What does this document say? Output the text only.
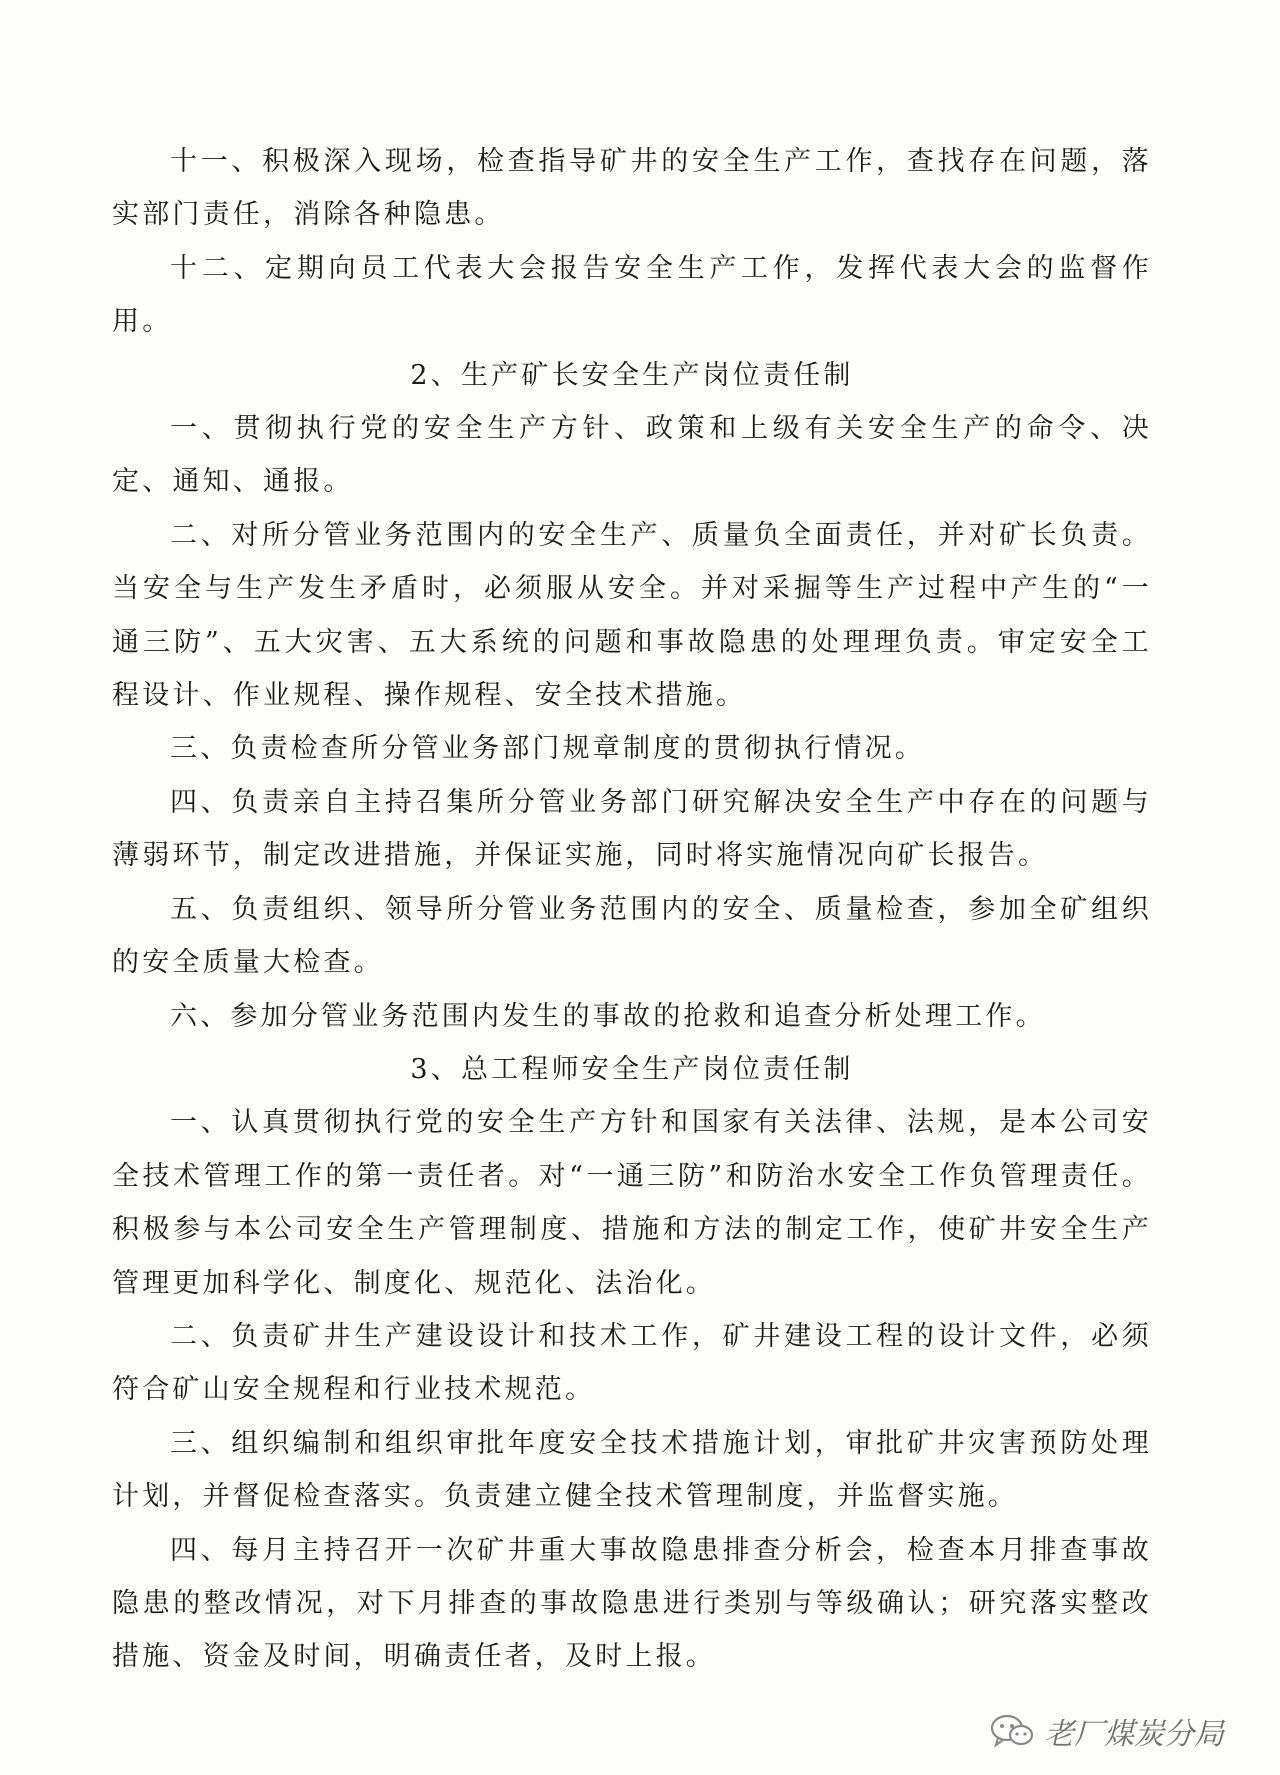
十一、积极深入现场，检查指导矿井的安全生产工作，查找存在问题，落实部门责任，消除各种隐患。

十二、定期向员工代表大会报告安全生产工作，发挥代表大会的监督作用。

2、生产矿长安全生产岗位责任制

一、贯彻执行党的安全生产方针、政策和上级有关安全生产的命令、决定、通知、通报。

二、对所分管业务范围内的安全生产、质量负全面责任，并对矿长负责。当安全与生产发生矛盾时，必须服从安全。并对采掘等生产过程中产生的“一通三防”、五大灾害、五大系统的问题和事故隐患的处理理负责。审定安全工程设计、作业规程、操作规程、安全技术措施。

三、负责检查所分管业务部门规章制度的贯彻执行情况。

四、负责亲自主持召集所分管业务部门研究解决安全生产中存在的问题与薄弱环节，制定改进措施，并保证实施，同时将实施情况向矿长报告。

五、负责组织、领导所分管业务范围内的安全、质量检查，参加全矿组织的安全质量大检查。

六、参加分管业务范围内发生的事故的抢救和追查分析处理工作。

3、总工程师安全生产岗位责任制

一、认真贯彻执行党的安全生产方针和国家有关法律、法规，是本公司安全技术管理工作的第一责任者。对“一通三防”和防治水安全工作负管理责任。积极参与本公司安全生产管理制度、措施和方法的制定工作，使矿井安全生产管理更加科学化、制度化、规范化、法治化。

二、负责矿井生产建设设计和技术工作，矿井建设工程的设计文件，必须符合矿山安全规程和行业技术规范。

三、组织编制和组织审批年度安全技术措施计划，审批矿井灾害预防处理计划，并督促检查落实。负责建立健全技术管理制度，并监督实施。

四、每月主持召开一次矿井重大事故隐患排查分析会，检查本月排查事故隐患的整改情况，对下月排查的事故隐患进行类别与等级确认；研究落实整改措施、资金及时间，明确责任者，及时上报。

老厂煤炭分局
